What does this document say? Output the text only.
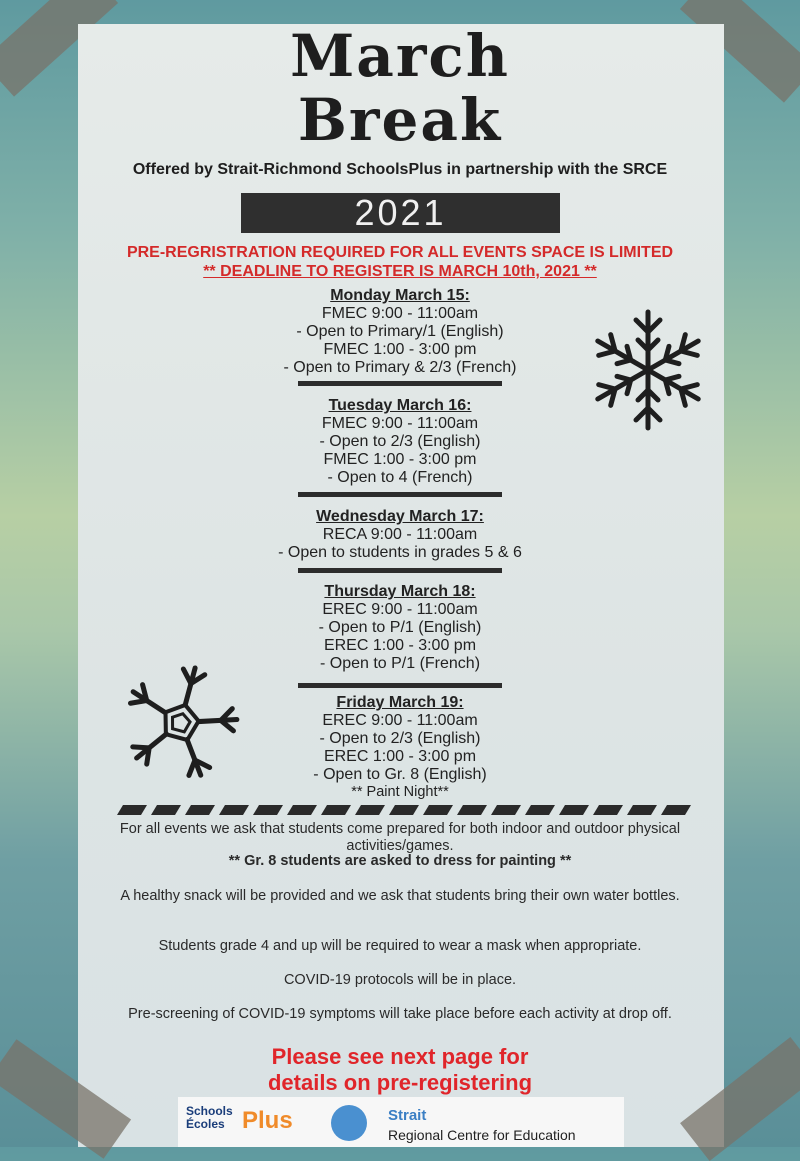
March
Break
Offered by Strait-Richmond SchoolsPlus in partnership with the SRCE
2021
PRE-REGRISTRATION REQUIRED FOR ALL EVENTS SPACE IS LIMITED
** DEADLINE TO REGISTER IS MARCH 10th, 2021 **
Monday March 15:
FMEC 9:00 - 11:00am
- Open to Primary/1 (English)
FMEC 1:00 - 3:00 pm
- Open to Primary & 2/3 (French)
Tuesday March 16:
FMEC 9:00 - 11:00am
- Open to 2/3 (English)
FMEC 1:00 - 3:00 pm
- Open to 4 (French)
Wednesday March 17:
RECA 9:00 - 11:00am
- Open to students in grades 5 & 6
Thursday March 18:
EREC 9:00 - 11:00am
- Open to P/1 (English)
EREC 1:00 - 3:00 pm
- Open to P/1 (French)
Friday March 19:
EREC 9:00 - 11:00am
- Open to 2/3 (English)
EREC 1:00 - 3:00 pm
- Open to Gr. 8 (English)
** Paint Night**
For all events we ask that students come prepared for both indoor and outdoor physical activities/games.
** Gr. 8 students are asked to dress for painting **
A healthy snack will be provided and we ask that students bring their own water bottles.
Students grade 4 and up will be required to wear a mask when appropriate.
COVID-19 protocols will be in place.
Pre-screening of COVID-19 symptoms will take place before each activity at drop off.
Please see next page for
details on pre-registering
Schools
Écoles Plus	Strait
Regional Centre for Education
